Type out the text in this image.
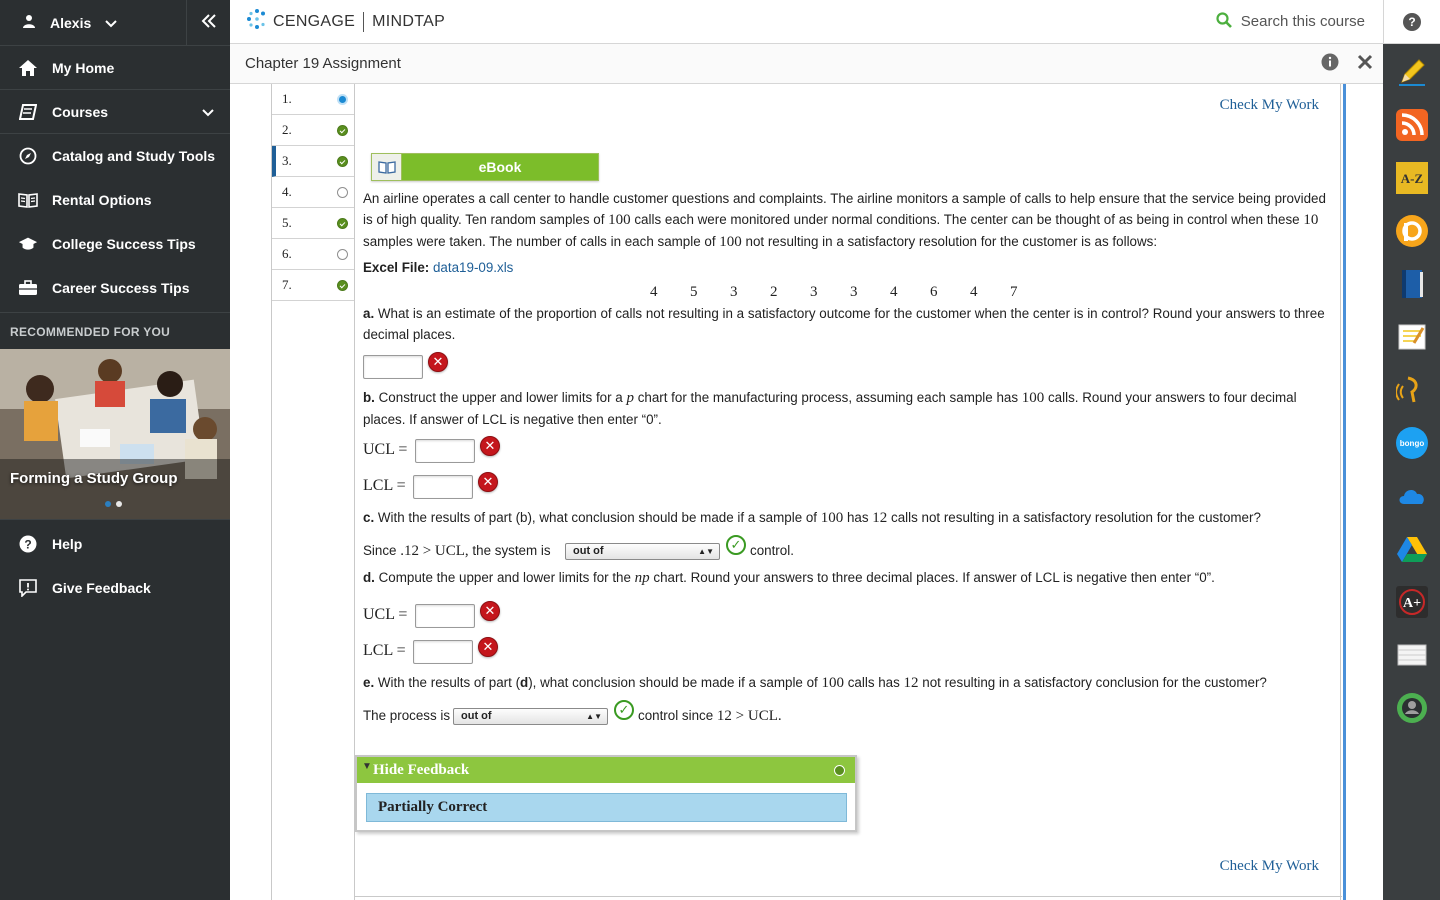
Alexis
My Home
Courses
Catalog and Study Tools
Rental Options
College Success Tips
Career Success Tips
RECOMMENDED FOR YOU
Forming a Study Group
? Help
Give Feedback
CENGAGE MINDTAP	Search this course
Chapter 19 Assignment
?
A-Z
bongo
A+
1.
2.
3.
4.
5.
6.
7.
Check My Work
eBook
An airline operates a call center to handle customer questions and complaints. The airline monitors a sample of calls to help ensure that the service being provided is of high quality. Ten random samples of 100 calls each were monitored under normal conditions. The center can be thought of as being in control when these 10 samples were taken. The number of calls in each sample of 100 not resulting in a satisfactory resolution for the customer is as follows:
Excel File: data19-09.xls
4	5	3	2	3	3	4	6	4	7
a. What is an estimate of the proportion of calls not resulting in a satisfactory outcome for the customer when the center is in control? Round your answers to three decimal places.
✕
b. Construct the upper and lower limits for a p chart for the manufacturing process, assuming each sample has 100 calls. Round your answers to four decimal places. If answer of LCL is negative then enter “0”.
UCL =	✕
LCL =	✕
c. With the results of part (b), what conclusion should be made if a sample of 100 has 12 calls not resulting in a satisfactory resolution for the customer?
Since .12 > UCL, the system is	out of	▲▼	✓ control.
d. Compute the upper and lower limits for the np chart. Round your answers to three decimal places. If answer of LCL is negative then enter “0”.
UCL =	✕
LCL =	✕
e. With the results of part (d), what conclusion should be made if a sample of 100 calls has 12 not resulting in a satisfactory conclusion for the customer?
The process is out of	▲▼	✓ control since 12 > UCL.
▼ Hide Feedback
Partially Correct
Check My Work
